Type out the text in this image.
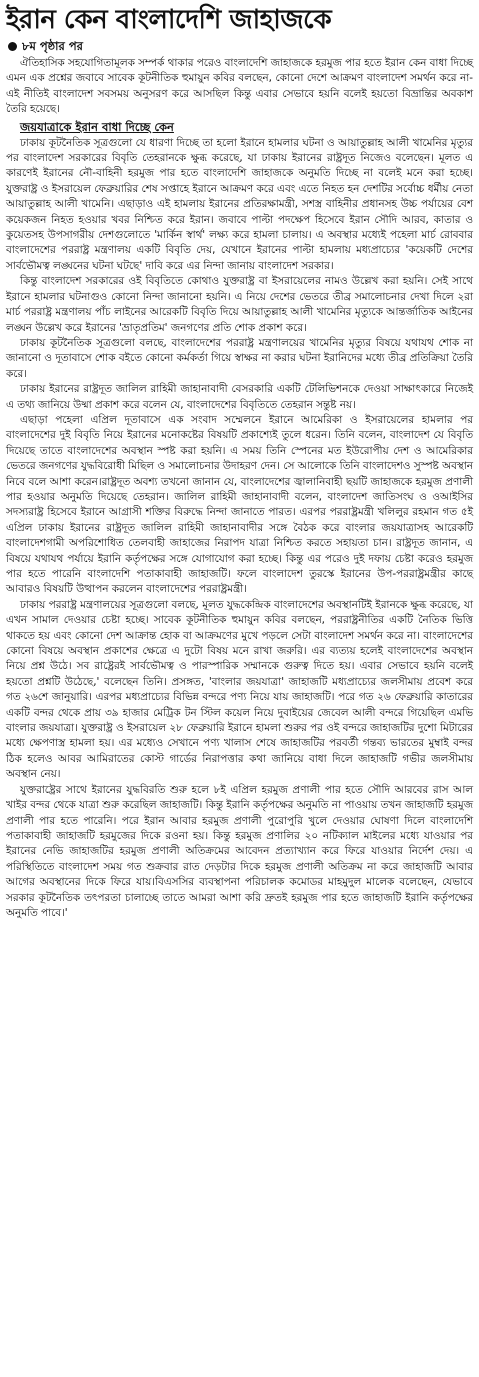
ইরান কেন বাংলাদেশি জাহাজকে
৮ম পৃষ্ঠার পর

ঐতিহাসিক সহযোগিতামূলক সম্পর্ক থাকার পরেও বাংলাদেশি জাহাজকে হরমুজ পার হতে ইরান কেন বাধা দিচ্ছে এমন এক প্রশ্নের জবাবে সাবেক কূটনীতিক হুমায়ুন কবির বলছেন, কোনো দেশে আক্রমণ বাংলাদেশ সমর্থন করে না-এই নীতিই বাংলাদেশ সবসময় অনুসরণ করে আসছিল কিন্তু এবার সেভাবে হয়নি বলেই হয়তো বিভ্রান্তির অবকাশ তৈরি হয়েছে।

জয়যাত্রাকে ইরান বাধা দিচ্ছে কেন

ঢাকায় কূটনৈতিক সূত্রগুলো যে ধারণা দিচ্ছে তা হলো ইরানে হামলার ঘটনা ও আয়াতুল্লাহ আলী খামেনির মৃত্যুর পর বাংলাদেশ সরকারের বিবৃতি তেহরানকে ক্ষুব্ধ করেছে, যা ঢাকায় ইরানের রাষ্ট্রদূত নিজেও বলেছেন। মূলত এ কারণেই ইরানের নৌ-বাহিনী হরমুজ পার হতে বাংলাদেশি জাহাজকে অনুমতি দিচ্ছে না বলেই মনে করা হচ্ছে। যুক্তরাষ্ট্র ও ইসরায়েল ফেব্রুয়ারির শেষ সপ্তাহে ইরানে আক্রমণ করে এবং এতে নিহত হন দেশটির সর্বোচ্চ ধর্মীয় নেতা আয়াতুল্লাহ আলী খামেনি। এছাড়াও এই হামলায় ইরানের প্রতিরক্ষামন্ত্রী, সশস্ত্র বাহিনীর প্রধানসহ উচ্চ পর্যায়ের বেশ কয়েকজন নিহত হওয়ার খবর নিশ্চিত করে ইরান। জবাবে পাল্টা পদক্ষেপ হিসেবে ইরান সৌদি আরব, কাতার ও কুয়েতসহ উপসাগরীয় দেশগুলোতে 'মার্কিন স্বার্থ' লক্ষ্য করে হামলা চালায়। এ অবস্থার মধ্যেই পহেলা মার্চ রোববার বাংলাদেশের পররাষ্ট্র মন্ত্রণালয় একটি বিবৃতি দেয়, যেখানে ইরানের পাল্টা হামলায় মধ্যপ্রাচ্যের 'কয়েকটি দেশের সার্বভৌমত্ব লঙ্ঘনের ঘটনা ঘটছে' দাবি করে এর নিন্দা জানায় বাংলাদেশ সরকার।

কিন্তু বাংলাদেশ সরকারের ওই বিবৃতিতে কোথাও যুক্তরাষ্ট্র বা ইসরায়েলের নামও উল্লেখ করা হয়নি। সেই সাথে ইরানে হামলার ঘটনাগুও কোনো নিন্দা জানানো হয়নি। এ নিয়ে দেশের ভেতরে তীব্র সমালোচনার দেখা দিলে ২রা মার্চ পররাষ্ট্র মন্ত্রণালয় পাঁচ লাইনের আরেকটি বিবৃতি দিয়ে আয়াতুল্লাহ আলী খামেনির মৃত্যুকে আন্তর্জাতিক আইনের লঙ্ঘন উল্লেখ করে ইরানের 'ভ্রাতৃপ্রতিম' জনগণের প্রতি শোক প্রকাশ করে।

ঢাকায় কূটনৈতিক সূত্রগুলো বলছে, বাংলাদেশের পররাষ্ট্র মন্ত্রণালয়ের খামেনির মৃত্যুর বিষয়ে যথাযথ শোক না জানানো ও দূতাবাসে শোক বইতে কোনো কর্মকর্তা গিয়ে স্বাক্ষর না করার ঘটনা ইরানিদের মধ্যে তীব্র প্রতিক্রিয়া তৈরি করে।

ঢাকায় ইরানের রাষ্ট্রদূত জালিল রাহিমী জাহানাবাদী বেসরকারি একটি টেলিভিশনকে দেওয়া সাক্ষাৎকারে নিজেই এ তথ্য জানিয়ে উষ্মা প্রকাশ করে বলেন যে, বাংলাদেশের বিবৃতিতে তেহরান সন্তুষ্ট নয়।

এছাড়া পহেলা এপ্রিল দূতাবাসে এক সংবাদ সম্মেলনে ইরানে আমেরিকা ও ইসরায়েলের হামলার পর বাংলাদেশের দুই বিবৃতি নিয়ে ইরানের মনোকষ্টের বিষয়টি প্রকাশ্যেই তুলে ধরেন। তিনি বলেন, বাংলাদেশ যে বিবৃতি দিয়েছে তাতে বাংলাদেশের অবস্থান স্পষ্ট করা হয়নি। এ সময় তিনি স্পেনের মত ইউরোপীয় দেশ ও আমেরিকার ভেতরে জনগণের যুদ্ধবিরোধী মিছিল ও সমালোচনার উদাহরণ দেন। সে আলোকে তিনি বাংলাদেশও সুস্পষ্ট অবস্থান নিবে বলে আশা করেন।রাষ্ট্রদূত অবশ্য তখনো জানান যে, বাংলাদেশের জ্বালানিবাহী ছয়টি জাহাজকে হরমুজ প্রণালী পার হওয়ার অনুমতি দিয়েছে তেহরান। জালিল রাহিমী জাহানাবাদী বলেন, বাংলাদেশ জাতিসংঘ ও ওআইসির সদস্যরাষ্ট্র হিসেবে ইরানে আগ্রাসী শক্তির বিরুদ্ধে নিন্দা জানাতে পারত। এরপর পররাষ্ট্রমন্ত্রী খলিলুর রহমান গত ৫ই এপ্রিল ঢাকায় ইরানের রাষ্ট্রদূত জালিল রাহিমী জাহানাবাদীর সঙ্গে বৈঠক করে বাংলার জয়যাত্রাসহ আরেকটি বাংলাদেশগামী অপরিশোধিত তেলবাহী জাহাজের নিরাপদ যাত্রা নিশ্চিত করতে সহায়তা চান। রাষ্ট্রদূত জানান, এ বিষয়ে যথাযথ পর্যায়ে ইরানি কর্তৃপক্ষের সঙ্গে যোগাযোগ করা হচ্ছে। কিন্তু এর পরেও দুই দফায় চেষ্টা করেও হরমুজ পার হতে পারেনি বাংলাদেশি পতাকাবাহী জাহাজটি। ফলে বাংলাদেশ তুরস্কে ইরানের উপ-পররাষ্ট্রমন্ত্রীর কাছে আবারও বিষয়টি উত্থাপন করলেন বাংলাদেশের পররাষ্ট্রমন্ত্রী।

ঢাকায় পররাষ্ট্র মন্ত্রণালয়ের সূত্রগুলো বলছে, মূলত যুদ্ধকেন্দ্রিক বাংলাদেশের অবস্থানটিই ইরানকে ক্ষুব্ধ করেছে, যা এখন সামাল দেওয়ার চেষ্টা হচ্ছে। সাবেক কূটনীতিক হুমায়ুন কবির বলছেন, পররাষ্ট্রনীতির একটি নৈতিক ভিত্তি থাকতে হয় এবং কোনো দেশ আক্রান্ত হোক বা আক্রমণের মুখে পড়লে সেটা বাংলাদেশ সমর্থন করে না। বাংলাদেশের কোনো বিষয়ে অবস্থান প্রকাশের ক্ষেত্রে এ দুটো বিষয় মনে রাখা জরুরি। এর ব্যত্যয় হলেই বাংলাদেশের অবস্থান নিয়ে প্রশ্ন উঠে। সব রাষ্ট্রেরই সার্বভৌমত্ব ও পারস্পারিক সম্মানকে গুরুত্ব দিতে হয়। এবার সেভাবে হয়নি বলেই হয়তো প্রশ্নটি উঠেছে,' বলেছেন তিনি। প্রসঙ্গত, 'বাংলার জয়যাত্রা' জাহাজটি মধ্যপ্রাচ্যের জলসীমায় প্রবেশ করে গত ২৬শে জানুয়ারি। এরপর মধ্যপ্রাচ্যের বিভিন্ন বন্দরে পণ্য নিয়ে যায় জাহাজটি। পরে গত ২৬ ফেব্রুয়ারি কাতারের একটি বন্দর থেকে প্রায় ৩৯ হাজার মেট্রিক টন স্টিল কয়েল নিয়ে দুবাইয়ের জেবেল আলী বন্দরে গিয়েছিল এমভি বাংলার জয়যাত্রা। যুক্তরাষ্ট্র ও ইসরায়েল ২৮ ফেব্রুয়ারি ইরানে হামলা শুরুর পর ওই বন্দরে জাহাজটির দুশো মিটারের মধ্যে ক্ষেপণাস্ত্র হামলা হয়। এর মধ্যেও সেখানে পণ্য খালাস শেষে জাহাজটির পরবর্তী গন্তব্য ভারতের মুম্বাই বন্দর ঠিক হলেও আবর আমিরাতের কোস্ট গার্ডের নিরাপত্তার কথা জানিয়ে বাধা দিলে জাহাজটি গভীর জলসীমায় অবস্থান নেয়।

যুক্তরাষ্ট্রের সাথে ইরানের যুদ্ধবিরতি শুরু হলে ৮ই এপ্রিল হরমুজ প্রণালী পার হতে সৌদি আরবের রাস আল খাইর বন্দর থেকে যাত্রা শুরু করেছিল জাহাজটি। কিন্তু ইরানি কর্তৃপক্ষের অনুমতি না পাওয়ায় তখন জাহাজটি হরমুজ প্রণালী পার হতে পারেনি। পরে ইরান আবার হরমুজ প্রণালী পুরোপুরি খুলে দেওয়ার ঘোষণা দিলে বাংলাদেশি পতাকাবাহী জাহাজটি হরমুজের দিকে রওনা হয়। কিন্তু হরমুজ প্রণালির ২০ নটিক্যাল মাইলের মধ্যে যাওয়ার পর ইরানের নেভি জাহাজটির হরমুজ প্রণালী অতিক্রমের আবেদন প্রত্যাখ্যান করে ফিরে যাওয়ার নির্দেশ দেয়। এ পরিস্থিতিতে বাংলাদেশ সময় গত শুক্রবার রাত দেড়টার দিকে হরমুজ প্রণালী অতিক্রম না করে জাহাজটি আবার আগের অবস্থানের দিকে ফিরে যায়।বিএসসির ব্যবস্থাপনা পরিচালক কমোডর মাহমুদুল মালেক বলেছেন, যেভাবে সরকার কূটনৈতিক তৎপরতা চালাচ্ছে তাতে আমরা আশা করি দ্রুতই হরমুজ পার হতে জাহাজটি ইরানি কর্তৃপক্ষের অনুমতি পাবে।'
